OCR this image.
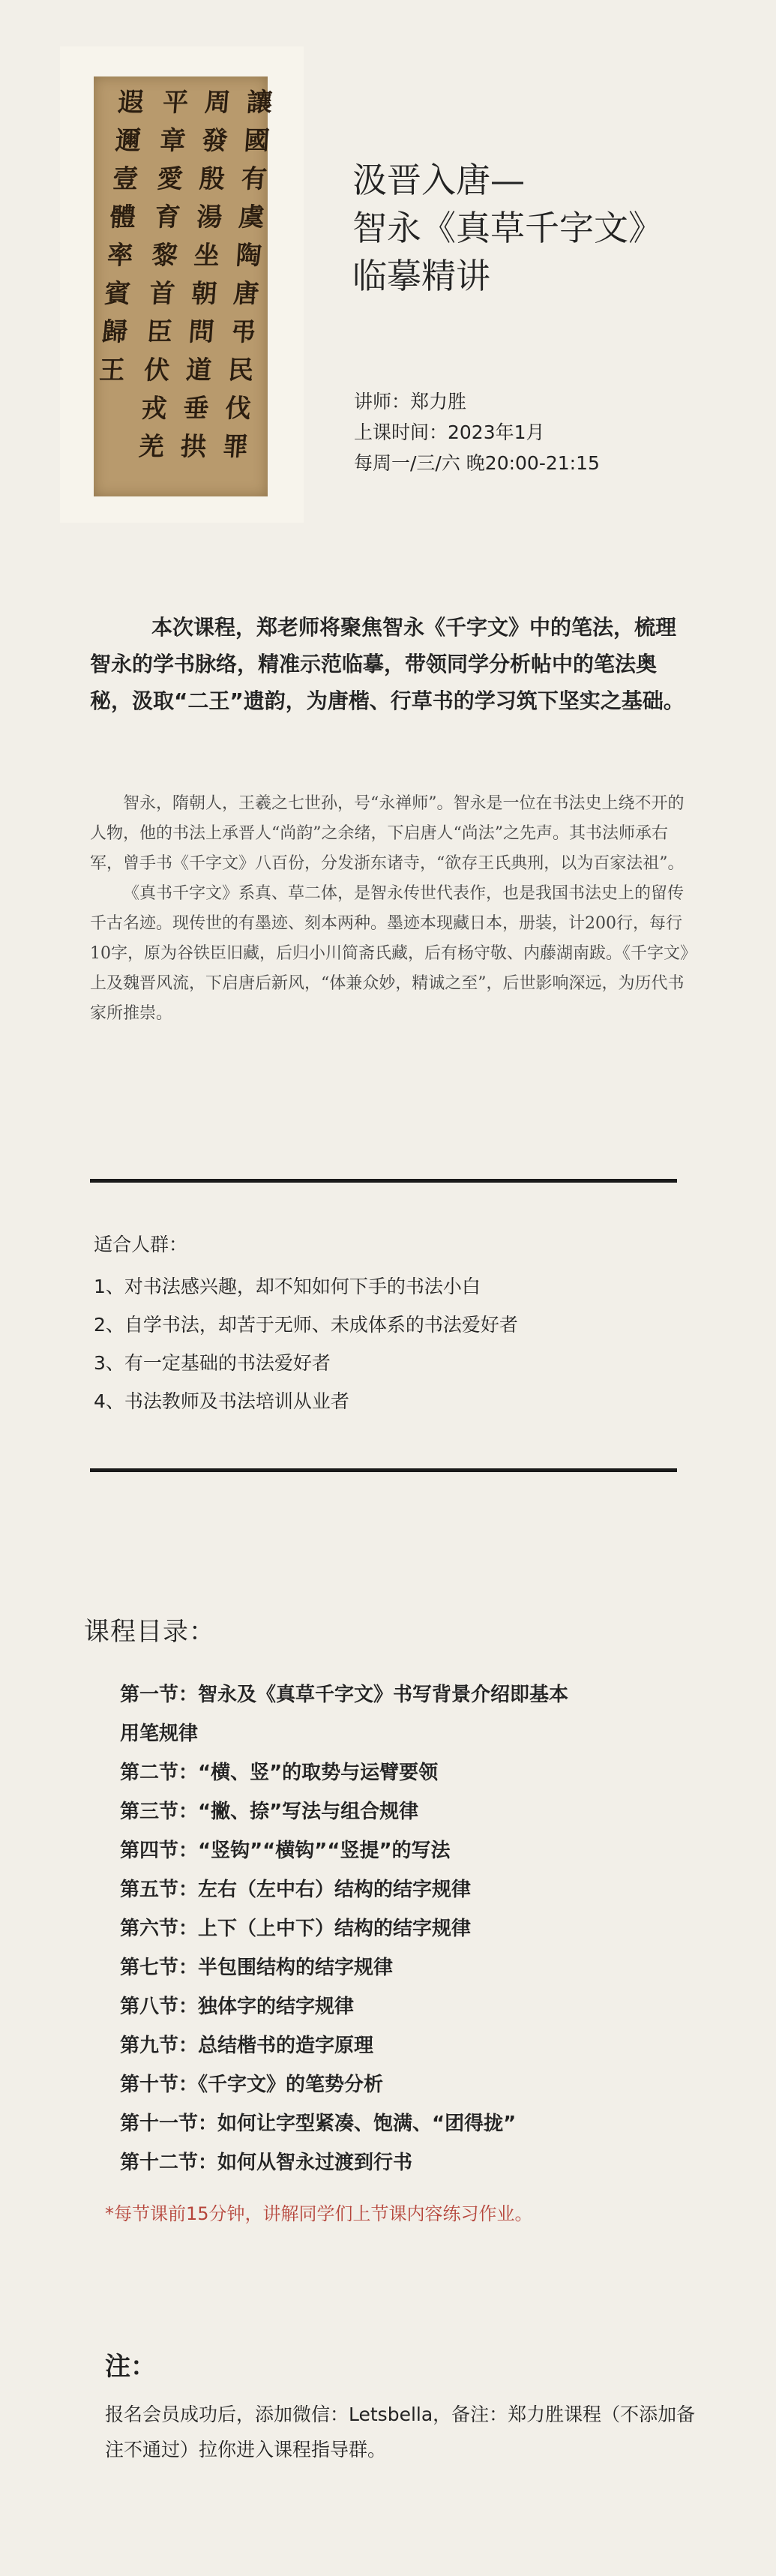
讓
國
有
虞
陶
唐
弔
民
伐
罪
周
發
殷
湯
坐
朝
問
道
垂
拱
平
章
愛
育
黎
首
臣
伏
戎
羌
遐
邇
壹
體
率
賓
歸
王
汲晋入唐—
智永《真草千字文》
临摹精讲
讲师：郑力胜
上课时间：2023年1月
每周一/三/六 晚20:00-21:15
本次课程，郑老师将聚焦智永《千字文》中的笔法，梳理智永的学书脉络，精准示范临摹，带领同学分析帖中的笔法奥秘，汲取“二王”遗韵，为唐楷、行草书的学习筑下坚实之基础。

智永，隋朝人，王羲之七世孙，号“永禅师”。智永是一位在书法史上绕不开的人物，他的书法上承晋人“尚韵”之余绪，下启唐人“尚法”之先声。其书法师承右军，曾手书《千字文》八百份，分发浙东诸寺，“欲存王氏典刑，以为百家法祖”。

《真书千字文》系真、草二体，是智永传世代表作，也是我国书法史上的留传千古名迹。现传世的有墨迹、刻本两种。墨迹本现藏日本，册装，计200行，每行10字，原为谷铁臣旧藏，后归小川简斋氏藏，后有杨守敬、内藤湖南跋。《千字文》上及魏晋风流，下启唐后新风，“体兼众妙，精诚之至”，后世影响深远，为历代书家所推崇。

适合人群：
1、对书法感兴趣，却不知如何下手的书法小白
2、自学书法，却苦于无师、未成体系的书法爱好者
3、有一定基础的书法爱好者
4、书法教师及书法培训从业者
课程目录：
第一节：智永及《真草千字文》书写背景介绍即基本
用笔规律
第二节：“横、竖”的取势与运臂要领
第三节：“撇、捺”写法与组合规律
第四节：“竖钩”“横钩”“竖提”的写法
第五节：左右（左中右）结构的结字规律
第六节：上下（上中下）结构的结字规律
第七节：半包围结构的结字规律
第八节：独体字的结字规律
第九节：总结楷书的造字原理
第十节：《千字文》的笔势分析
第十一节：如何让字型紧凑、饱满、“团得拢”
第十二节：如何从智永过渡到行书
*每节课前15分钟，讲解同学们上节课内容练习作业。
注：
报名会员成功后，添加微信：Letsbella，备注：郑力胜课程（不添加备注不通过）拉你进入课程指导群。
